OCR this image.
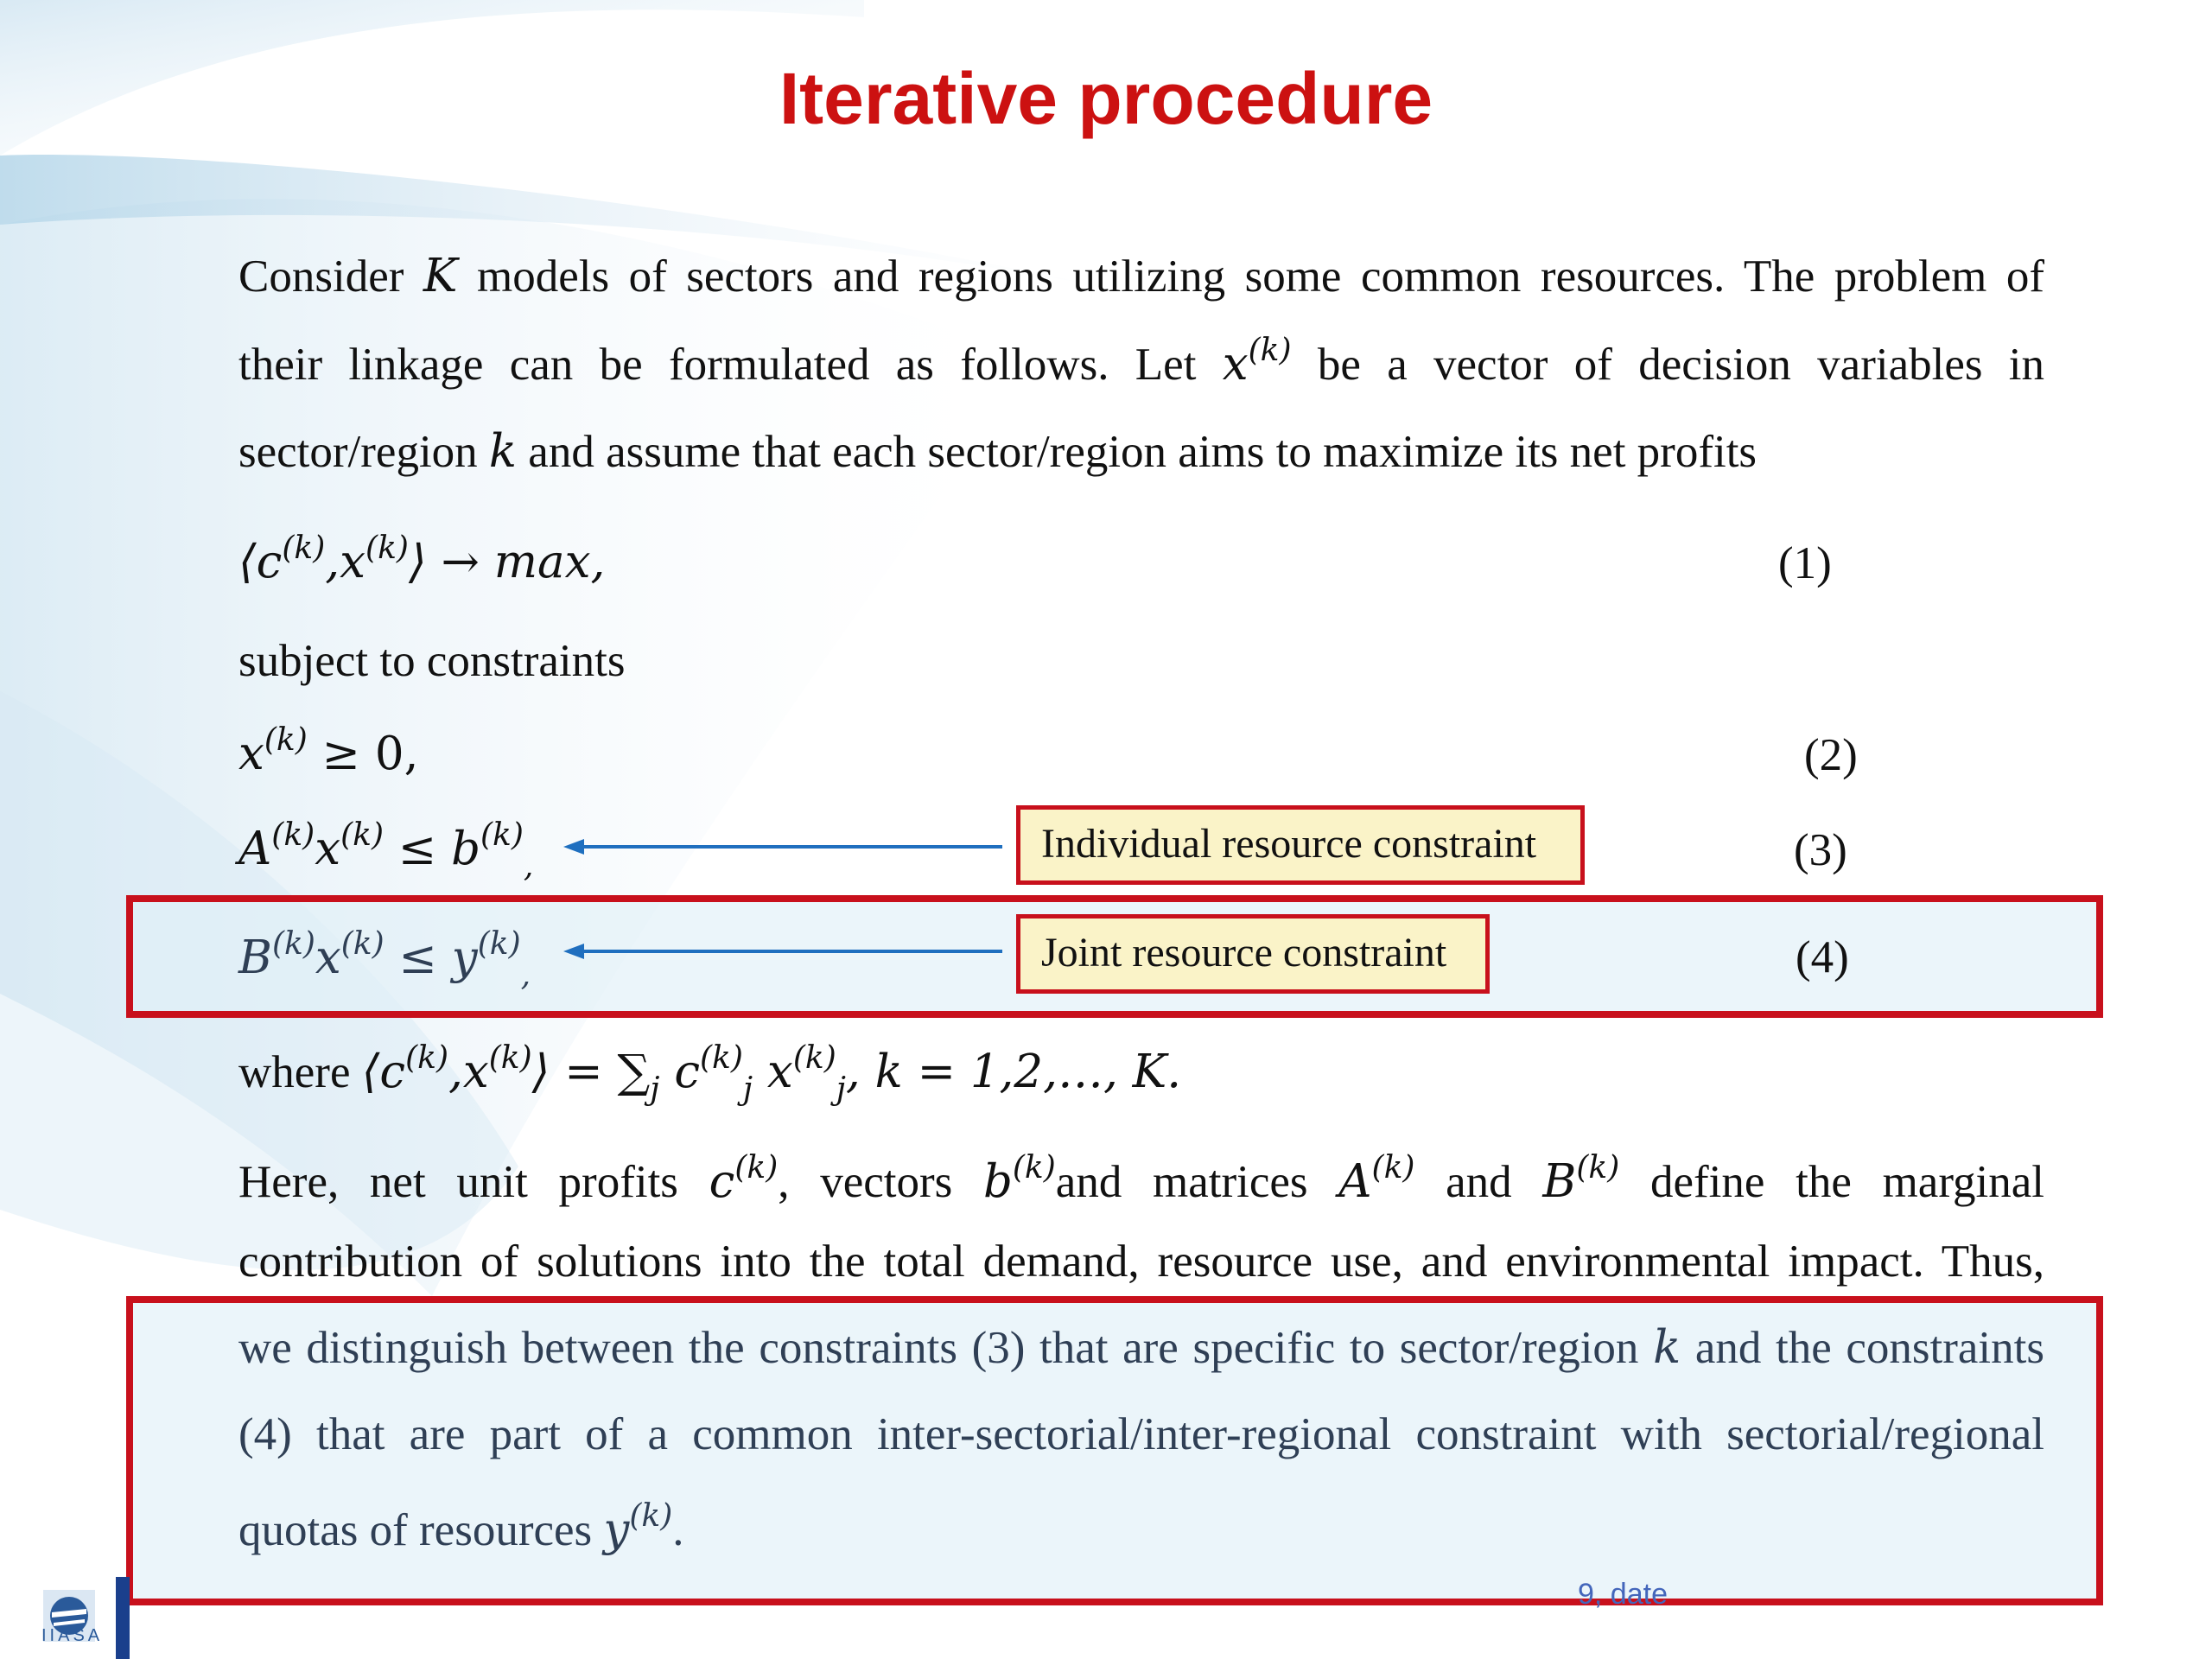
Iterative procedure
Consider K models of sectors and regions utilizing some common resources. The problem of
their linkage can be formulated as follows. Let $x^{(k)}$ be a vector of decision variables in
sector/region k and assume that each sector/region aims to maximize its net profits
$⟨c^{(k)},x^{(k)}⟩ \to \max$,	(1)
subject to constraints
$x^{(k)} \ge 0$,	(2)
$A^{(k)}x^{(k)} \le b^{(k)}_,$	Individual resource constraint	(3)
$B^{(k)}x^{(k)} \le y^{(k)}_,$	Joint resource constraint	(4)
where $⟨c^{(k)},x^{(k)}⟩ = \sum_j$ $c^{(k)}_j$ $x^{(k)}_j$, k = 1,2,…, K.
Here, net unit profits $c^{(k)}$, vectors $b^{(k)}and$ matrices $A^{(k)}$ and $B^{(k)}$ define the marginal
contribution of solutions into the total demand, resource use, and environmental impact. Thus,
we distinguish between the constraints (3) that are specific to sector/region k and the constraints
(4) that are part of a common inter-sectorial/inter-regional constraint with sectorial/regional
quotas of resources $y^{(k)}$.
9, date
IIASA
